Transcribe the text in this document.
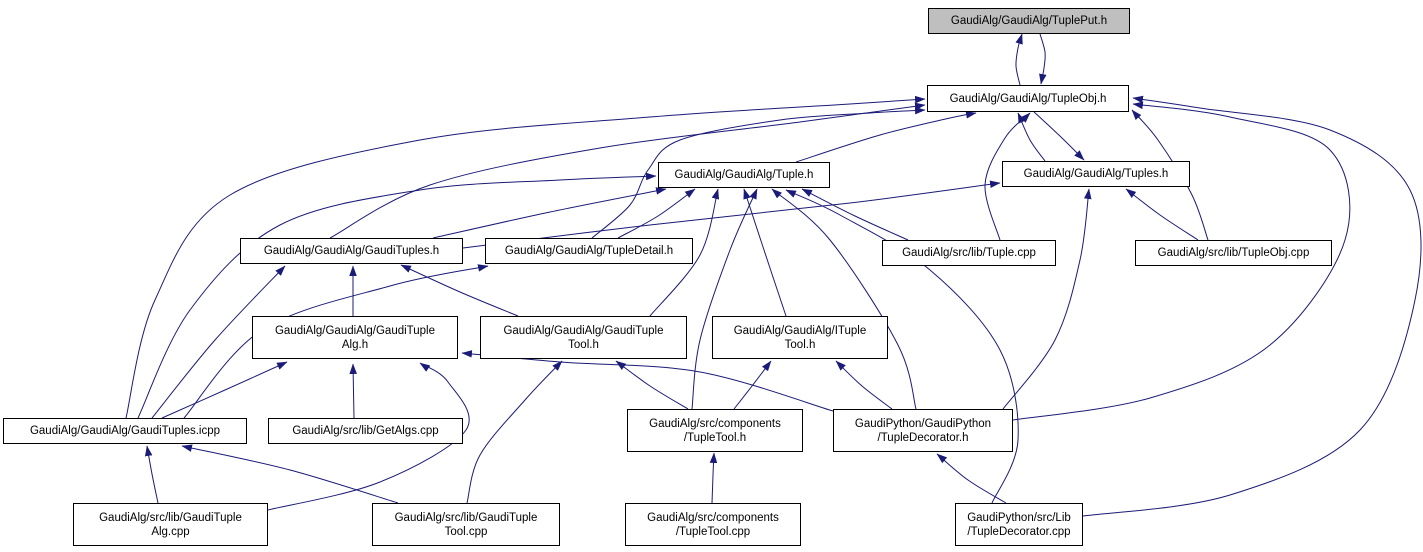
GaudiAlg/GaudiAlg/TuplePut.h
GaudiAlg/GaudiAlg/TupleObj.h
GaudiAlg/GaudiAlg/Tuple.h	GaudiAlg/GaudiAlg/Tuples.h
GaudiAlg/GaudiAlg/GaudiTuples.h	GaudiAlg/GaudiAlg/TupleDetail.h	GaudiAlg/src/lib/Tuple.cpp	GaudiAlg/src/lib/TupleObj.cpp
GaudiAlg/GaudiAlg/GaudiTuple
Alg.h
GaudiAlg/GaudiAlg/GaudiTuple
Tool.h
GaudiAlg/GaudiAlg/ITuple
Tool.h
GaudiAlg/GaudiAlg/GaudiTuples.icpp	GaudiAlg/src/lib/GetAlgs.cpp
GaudiAlg/src/components
/TupleTool.h
GaudiPython/GaudiPython
/TupleDecorator.h
GaudiAlg/src/lib/GaudiTuple
Alg.cpp
GaudiAlg/src/lib/GaudiTuple
Tool.cpp
GaudiAlg/src/components
/TupleTool.cpp
GaudiPython/src/Lib
/TupleDecorator.cpp
